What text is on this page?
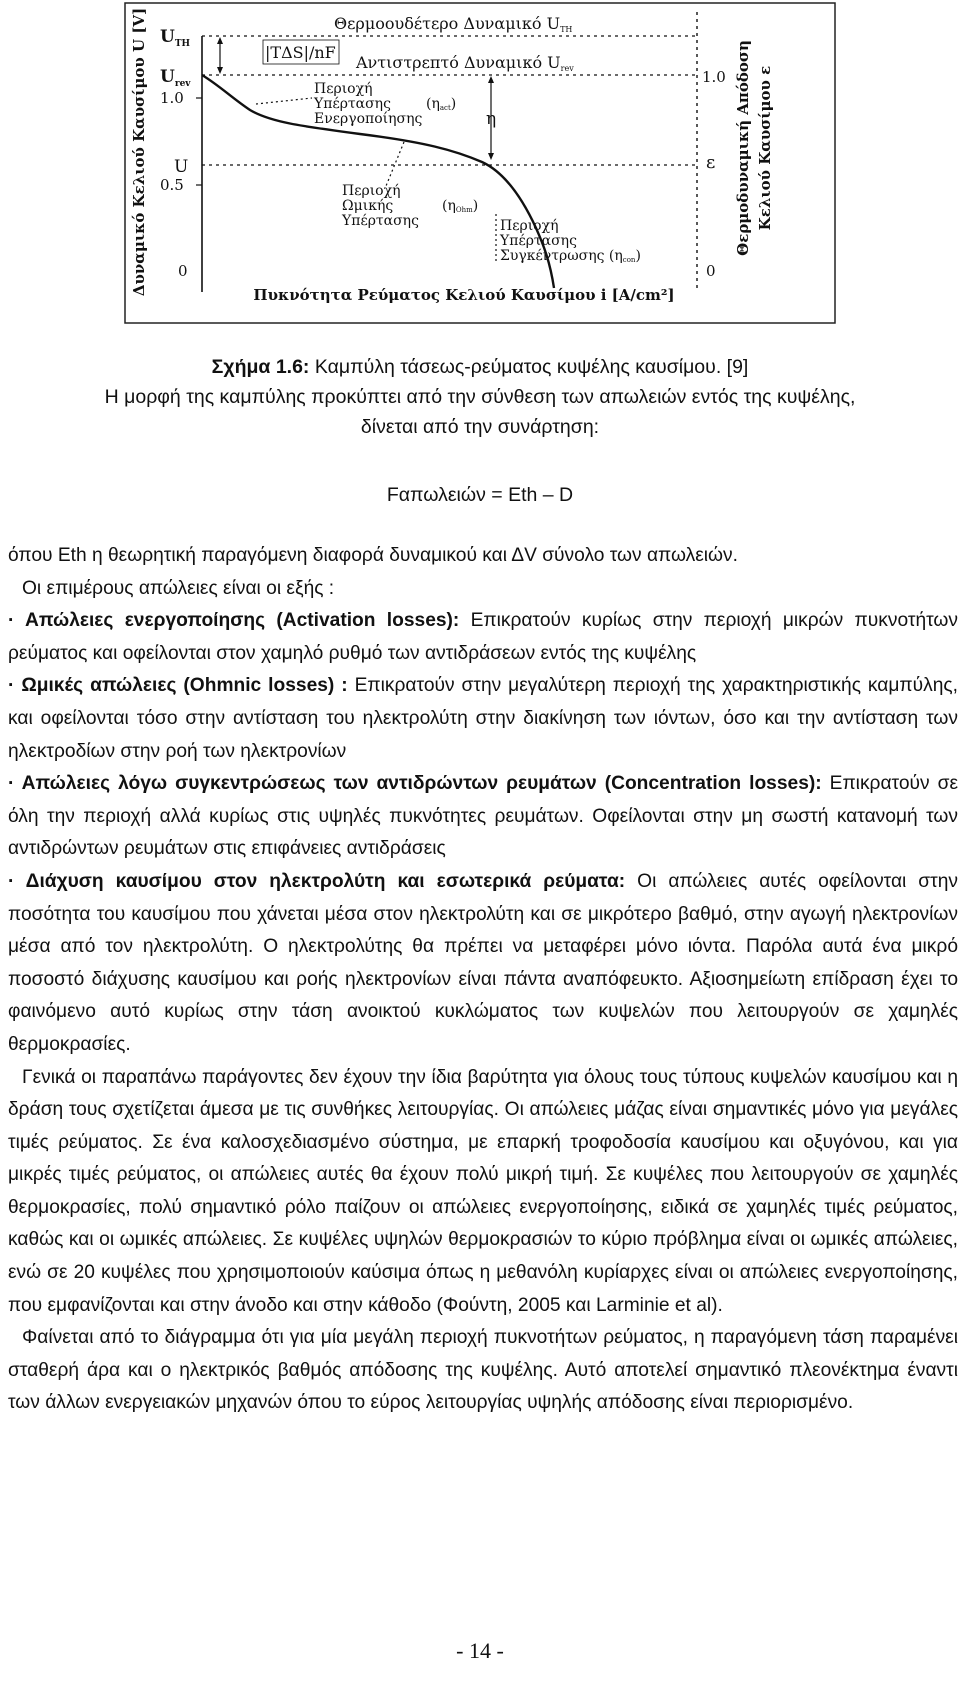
Δυναμικό Κελιού Καυσίμου U [V]	Θερμοδυναμική Απόδοση Κελιού Καυσίμου ε
$U_{TH}$
$U_{rev}$
1.0
U
0.5
0
1.0
ε
0
Θερμοουδέτερο Δυναμικό UTH
|TΔS|/nF
Αντιστρεπτό Δυναμικό Urev
Περιοχή
Υπέρτασης	(ηact)
Ενεργοποίησης	η
Περιοχή
Ωμικής	(ηOhm)
Υπέρτασης	Περιοχή
Υπέρτασης
Συγκέντρωσης (ηcon)
Πυκνότητα Ρεύματος Κελιού Καυσίμου i [Α/cm²]
Σχήμα 1.6: Καμπύλη τάσεως-ρεύματος κυψέλης καυσίμου. [9]
Η μορφή της καμπύλης προκύπτει από την σύνθεση των απωλειών εντός της κυψέλης,
δίνεται από την συνάρτηση:
Fαπωλειών = Eth – D

όπου Eth η θεωρητική παραγόμενη διαφορά δυναμικού και ΔV σύνολο των απωλειών.

Οι επιμέρους απώλειες είναι οι εξής :

· Απώλειες ενεργοποίησης (Activation losses): Επικρατούν κυρίως στην περιοχή μικρών πυκνοτήτων ρεύματος και οφείλονται στον χαμηλό ρυθμό των αντιδράσεων εντός της κυψέλης

· Ωμικές απώλειες (Ohmnic losses) : Επικρατούν στην μεγαλύτερη περιοχή της χαρακτηριστικής καμπύλης, και οφείλονται τόσο στην αντίσταση του ηλεκτρολύτη στην διακίνηση των ιόντων, όσο και την αντίσταση των ηλεκτροδίων στην ροή των ηλεκτρονίων

· Απώλειες λόγω συγκεντρώσεως των αντιδρώντων ρευμάτων (Concentration losses): Επικρατούν σε όλη την περιοχή αλλά κυρίως στις υψηλές πυκνότητες ρευμάτων. Οφείλονται στην μη σωστή κατανομή των αντιδρώντων ρευμάτων στις επιφάνειες αντιδράσεις

· Διάχυση καυσίμου στον ηλεκτρολύτη και εσωτερικά ρεύματα: Οι απώλειες αυτές οφείλονται στην ποσότητα του καυσίμου που χάνεται μέσα στον ηλεκτρολύτη και σε μικρότερο βαθμό, στην αγωγή ηλεκτρονίων μέσα από τον ηλεκτρολύτη. Ο ηλεκτρολύτης θα πρέπει να μεταφέρει μόνο ιόντα. Παρόλα αυτά ένα μικρό ποσοστό διάχυσης καυσίμου και ροής ηλεκτρονίων είναι πάντα αναπόφευκτο. Αξιοσημείωτη επίδραση έχει το φαινόμενο αυτό κυρίως στην τάση ανοικτού κυκλώματος των κυψελών που λειτουργούν σε χαμηλές θερμοκρασίες.

Γενικά οι παραπάνω παράγοντες δεν έχουν την ίδια βαρύτητα για όλους τους τύπους κυψελών καυσίμου και η δράση τους σχετίζεται άμεσα με τις συνθήκες λειτουργίας. Οι απώλειες μάζας είναι σημαντικές μόνο για μεγάλες τιμές ρεύματος. Σε ένα καλοσχεδιασμένο σύστημα, με επαρκή τροφοδοσία καυσίμου και οξυγόνου, και για μικρές τιμές ρεύματος, οι απώλειες αυτές θα έχουν πολύ μικρή τιμή. Σε κυψέλες που λειτουργούν σε χαμηλές θερμοκρασίες, πολύ σημαντικό ρόλο παίζουν οι απώλειες ενεργοποίησης, ειδικά σε χαμηλές τιμές ρεύματος, καθώς και οι ωμικές απώλειες. Σε κυψέλες υψηλών θερμοκρασιών το κύριο πρόβλημα είναι οι ωμικές απώλειες, ενώ σε 20 κυψέλες που χρησιμοποιούν καύσιμα όπως η μεθανόλη κυρίαρχες είναι οι απώλειες ενεργοποίησης, που εμφανίζονται και στην άνοδο και στην κάθοδο (Φούντη, 2005 και Larminie et al).

Φαίνεται από το διάγραμμα ότι για μία μεγάλη περιοχή πυκνοτήτων ρεύματος, η παραγόμενη τάση παραμένει σταθερή άρα και ο ηλεκτρικός βαθμός απόδοσης της κυψέλης. Αυτό αποτελεί σημαντικό πλεονέκτημα έναντι των άλλων ενεργειακών μηχανών όπου το εύρος λειτουργίας υψηλής απόδοσης είναι περιορισμένο.

- 14 -
